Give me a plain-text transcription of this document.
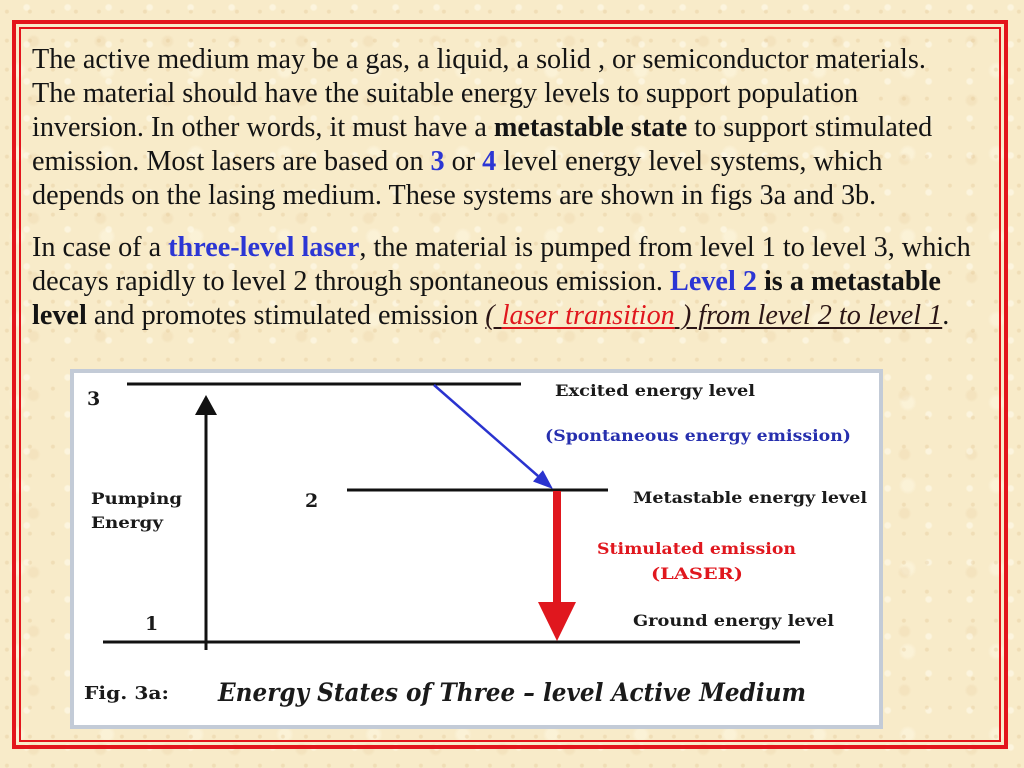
The active medium may be a gas, a liquid, a solid , or semiconductor materials.
The material should have the suitable energy levels to support population
inversion. In other words, it must have a metastable state to support stimulated
emission. Most lasers are based on 3 or 4 level energy level systems, which
depends on the lasing medium. These systems are shown in figs 3a and 3b.
In case of a three-level laser, the material is pumped from level 1 to level 3, which
decays rapidly to level 2 through spontaneous emission. Level 2 is a metastable
level and promotes stimulated emission ( laser transition ) from level 2 to level 1.
3
2
1
Pumping
Energy
Excited energy level
(Spontaneous energy emission)
Metastable energy level
Stimulated emission
(LASER)
Ground energy level
Fig. 3a: Energy States of Three – level Active Medium
